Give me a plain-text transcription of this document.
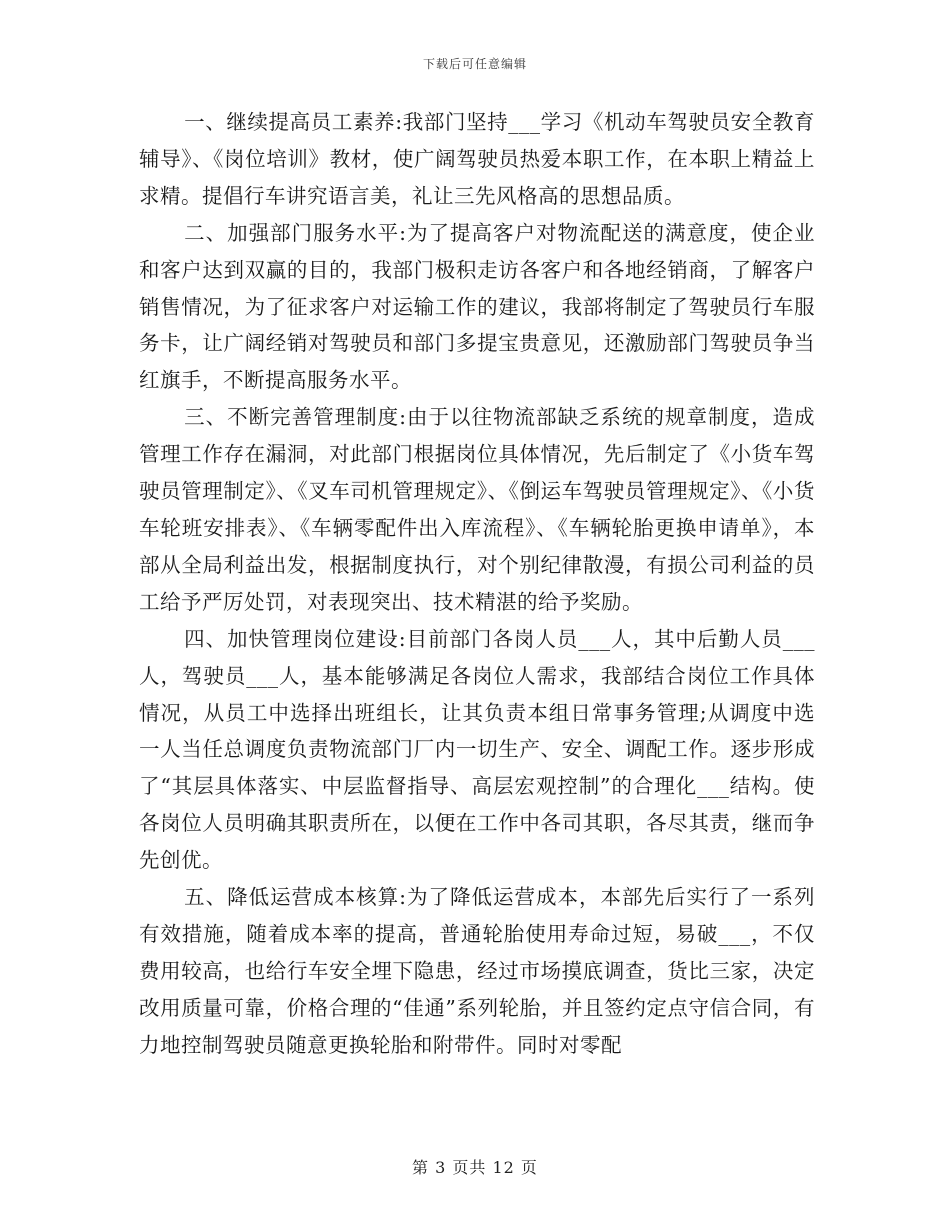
下载后可任意编辑

一、继续提高员工素养:我部门坚持___学习《机动车驾驶员安全教育辅导》、《岗位培训》教材，使广阔驾驶员热爱本职工作，在本职上精益上求精。提倡行车讲究语言美，礼让三先风格高的思想品质。

二、加强部门服务水平:为了提高客户对物流配送的满意度，使企业和客户达到双赢的目的，我部门极积走访各客户和各地经销商，了解客户销售情况，为了征求客户对运输工作的建议，我部将制定了驾驶员行车服务卡，让广阔经销对驾驶员和部门多提宝贵意见，还激励部门驾驶员争当红旗手，不断提高服务水平。

三、不断完善管理制度:由于以往物流部缺乏系统的规章制度，造成管理工作存在漏洞，对此部门根据岗位具体情况，先后制定了《小货车驾驶员管理制定》、《叉车司机管理规定》、《倒运车驾驶员管理规定》、《小货车轮班安排表》、《车辆零配件出入库流程》、《车辆轮胎更换申请单》，本部从全局利益出发，根据制度执行，对个别纪律散漫，有损公司利益的员工给予严厉处罚，对表现突出、技术精湛的给予奖励。

四、加快管理岗位建设:目前部门各岗人员___人，其中后勤人员___人，驾驶员___人，基本能够满足各岗位人需求，我部结合岗位工作具体情况，从员工中选择出班组长，让其负责本组日常事务管理;从调度中选一人当任总调度负责物流部门厂内一切生产、安全、调配工作。逐步形成了“其层具体落实、中层监督指导、高层宏观控制”的合理化___结构。使各岗位人员明确其职责所在，以便在工作中各司其职，各尽其责，继而争先创优。

五、降低运营成本核算:为了降低运营成本，本部先后实行了一系列有效措施，随着成本率的提高，普通轮胎使用寿命过短，易破___，不仅费用较高，也给行车安全埋下隐患，经过市场摸底调查，货比三家，决定改用质量可靠，价格合理的“佳通”系列轮胎，并且签约定点守信合同，有力地控制驾驶员随意更换轮胎和附带件。同时对零配

第 3 页共 12 页
